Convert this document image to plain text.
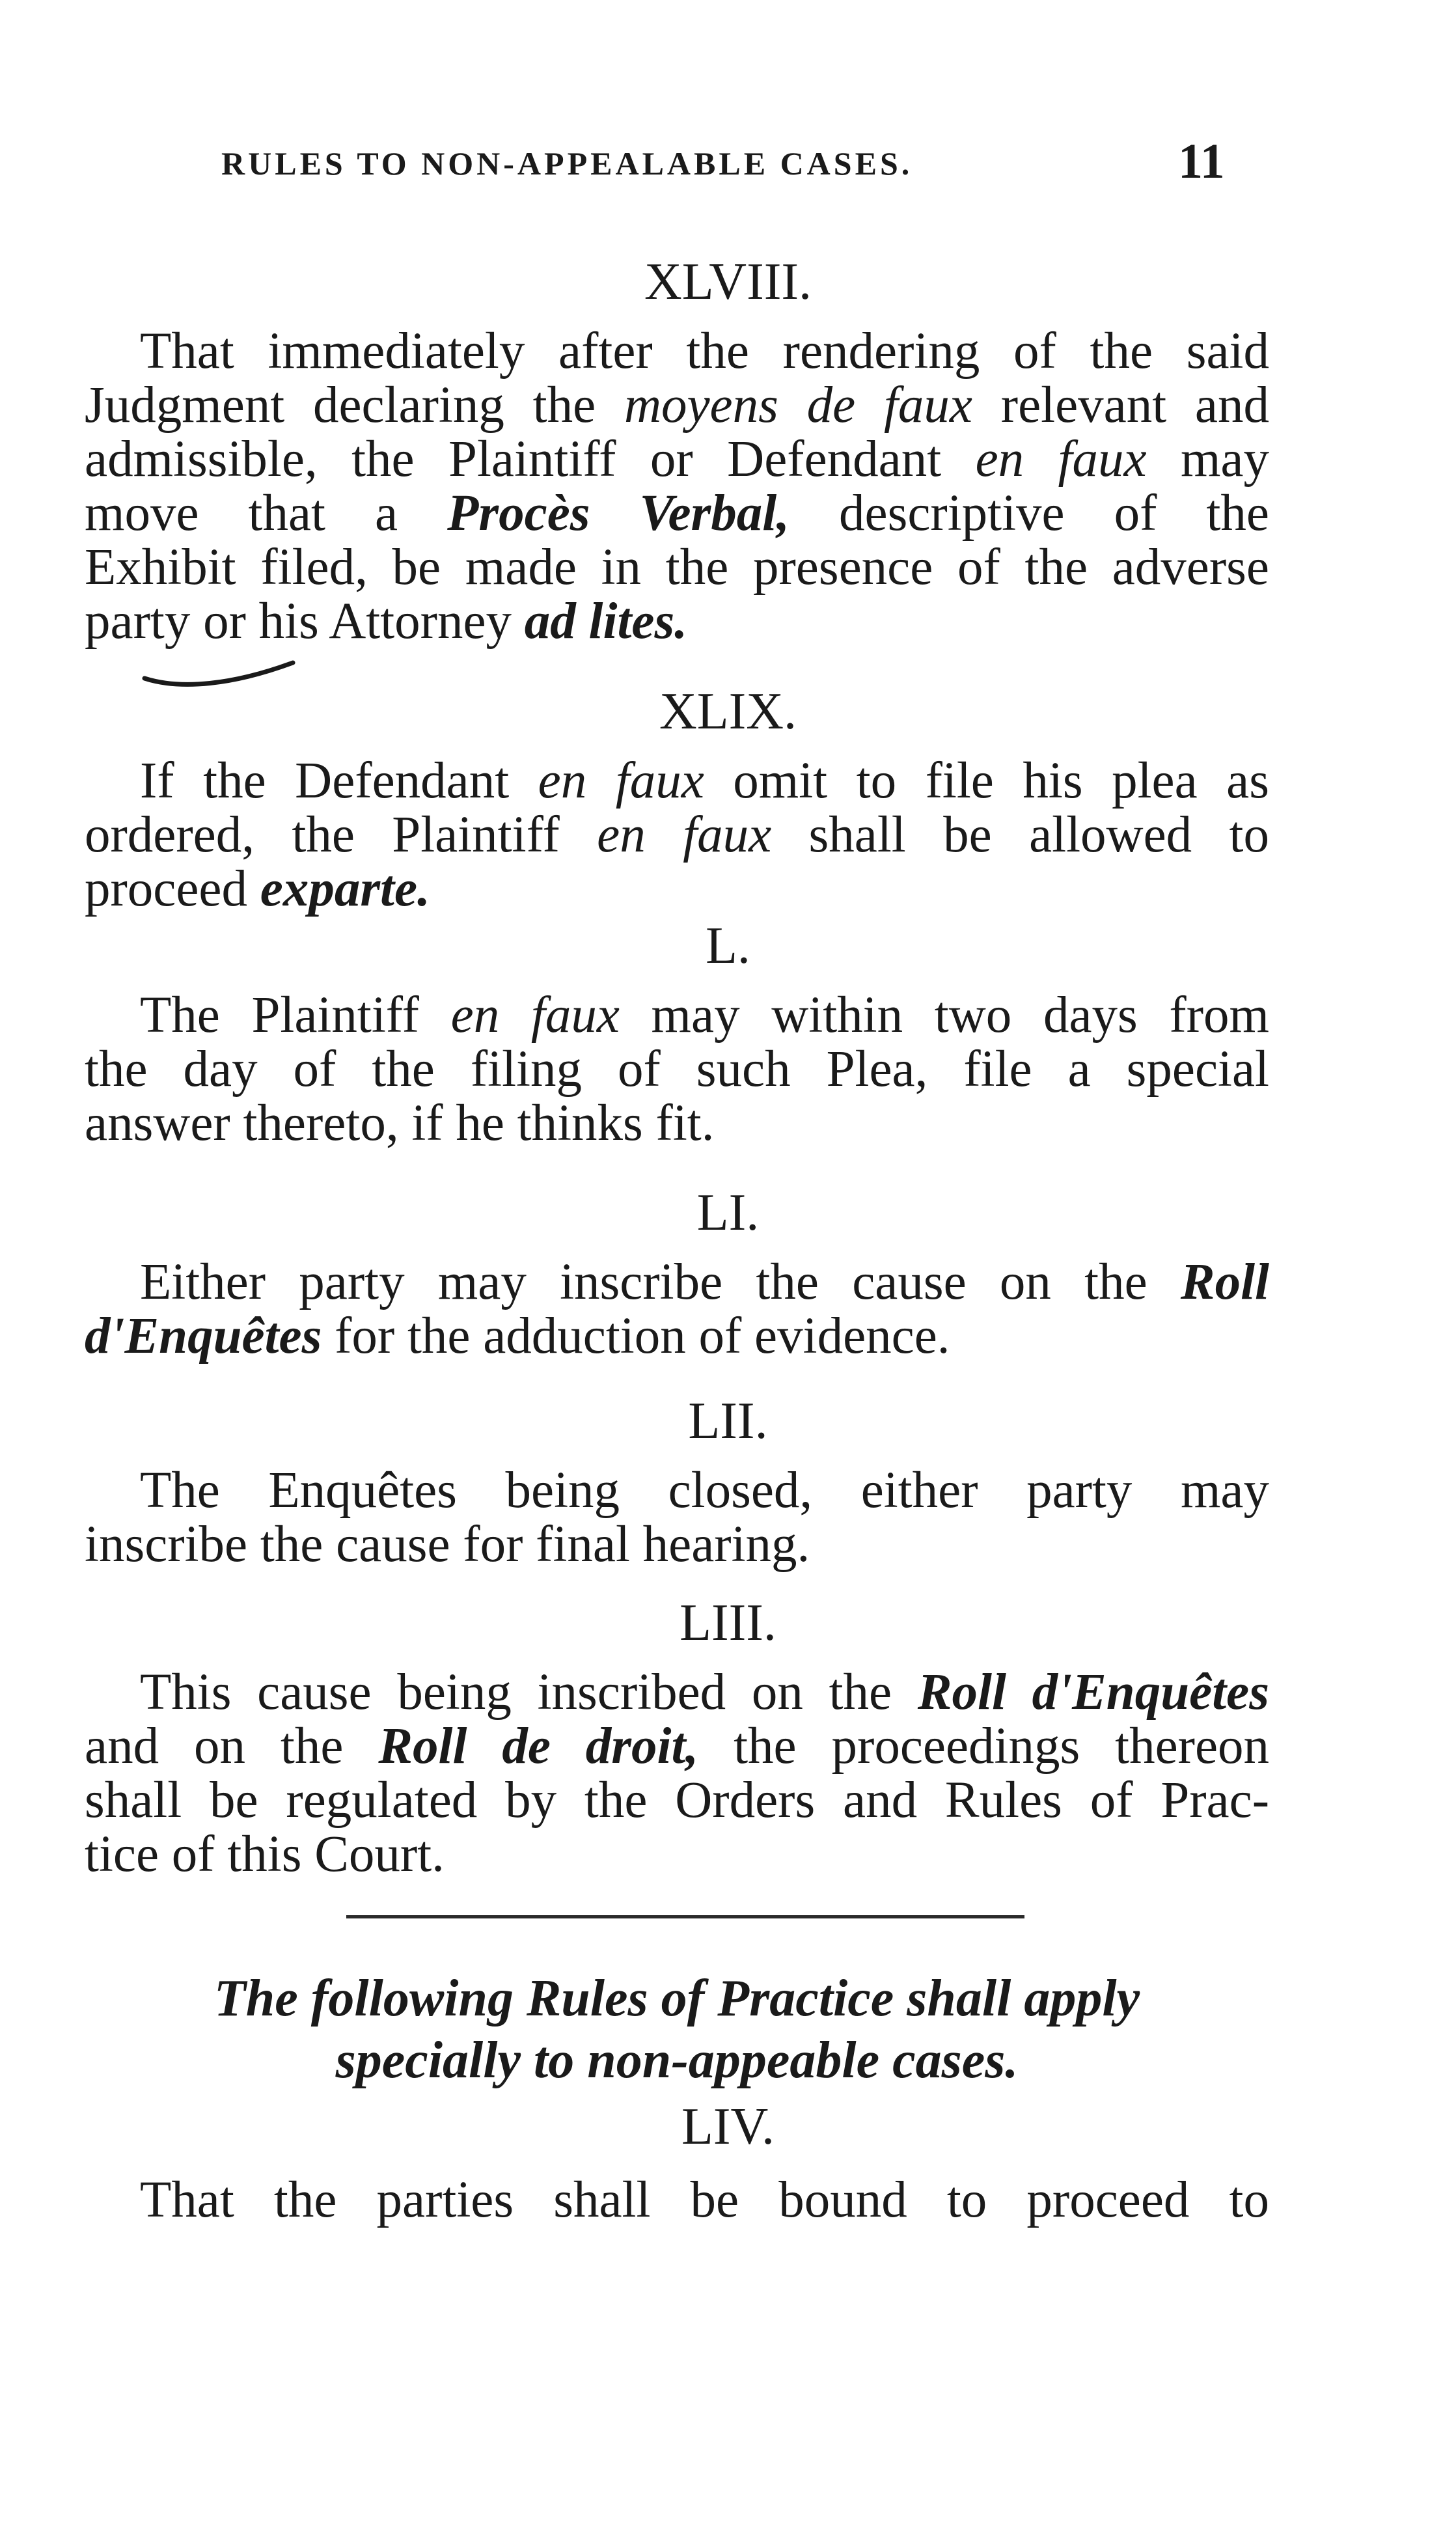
RULES TO NON-APPEALABLE CASES.	11
XLVIII.
That immediately after the rendering of the said
Judgment declaring the moyens de faux relevant and
admissible, the Plaintiff or Defendant en faux may
move that a Procès Verbal, descriptive of the
Exhibit filed, be made in the presence of the adverse
party or his Attorney ad lites.
XLIX.
If the Defendant en faux omit to file his plea as
ordered, the Plaintiff en faux shall be allowed to
proceed exparte.
L.
The Plaintiff en faux may within two days from
the day of the filing of such Plea, file a special
answer thereto, if he thinks fit.
LI.
Either party may inscribe the cause on the Roll
d'Enquêtes for the adduction of evidence.
LII.
The Enquêtes being closed, either party may
inscribe the cause for final hearing.
LIII.
This cause being inscribed on the Roll d'Enquêtes
and on the Roll de droit, the proceedings thereon
shall be regulated by the Orders and Rules of Prac-
tice of this Court.
The following Rules of Practice shall apply
specially to non-appeable cases.
LIV.
That the parties shall be bound to proceed to
